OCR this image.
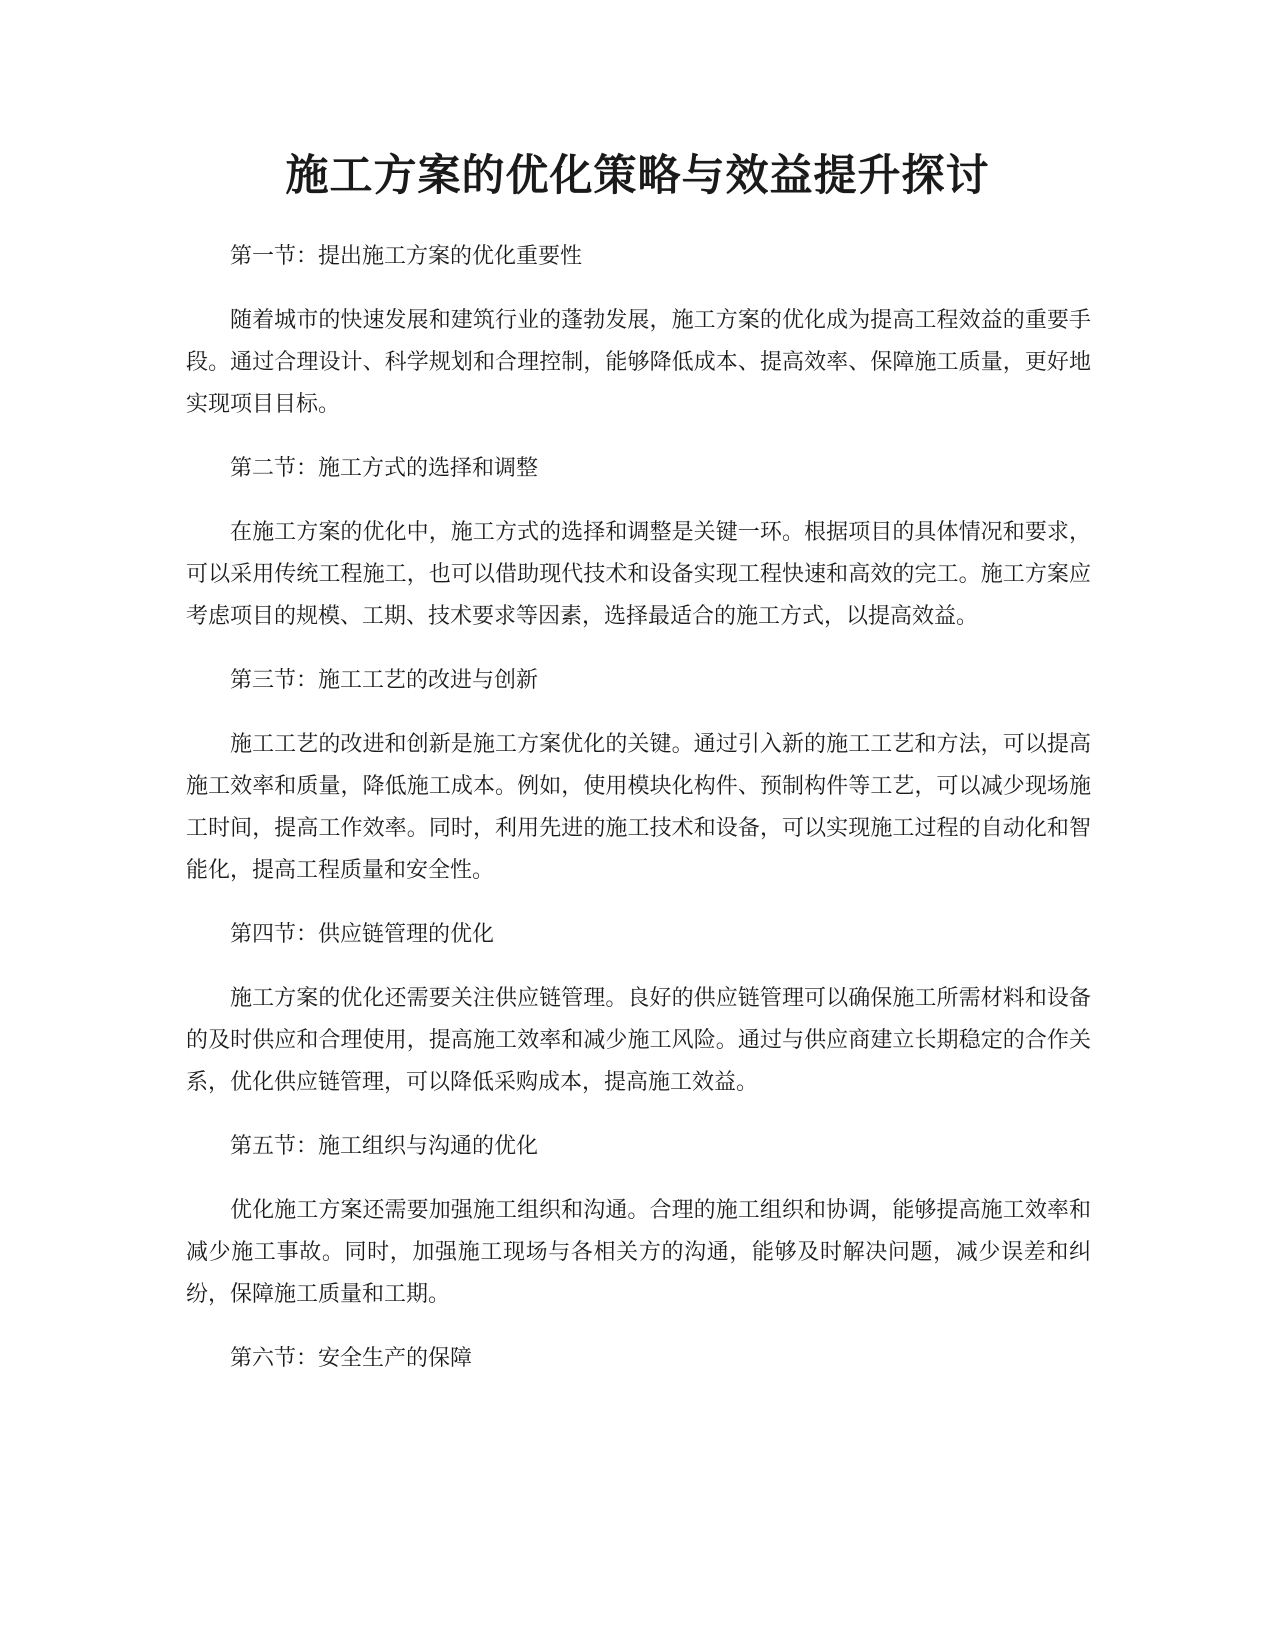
施工方案的优化策略与效益提升探讨

第一节：提出施工方案的优化重要性

随着城市的快速发展和建筑行业的蓬勃发展，施工方案的优化成为提高工程效益的重要手段。通过合理设计、科学规划和合理控制，能够降低成本、提高效率、保障施工质量，更好地实现项目目标。

第二节：施工方式的选择和调整

在施工方案的优化中，施工方式的选择和调整是关键一环。根据项目的具体情况和要求，可以采用传统工程施工，也可以借助现代技术和设备实现工程快速和高效的完工。施工方案应考虑项目的规模、工期、技术要求等因素，选择最适合的施工方式，以提高效益。

第三节：施工工艺的改进与创新

施工工艺的改进和创新是施工方案优化的关键。通过引入新的施工工艺和方法，可以提高施工效率和质量，降低施工成本。例如，使用模块化构件、预制构件等工艺，可以减少现场施工时间，提高工作效率。同时，利用先进的施工技术和设备，可以实现施工过程的自动化和智能化，提高工程质量和安全性。

第四节：供应链管理的优化

施工方案的优化还需要关注供应链管理。良好的供应链管理可以确保施工所需材料和设备的及时供应和合理使用，提高施工效率和减少施工风险。通过与供应商建立长期稳定的合作关系，优化供应链管理，可以降低采购成本，提高施工效益。

第五节：施工组织与沟通的优化

优化施工方案还需要加强施工组织和沟通。合理的施工组织和协调，能够提高施工效率和减少施工事故。同时，加强施工现场与各相关方的沟通，能够及时解决问题，减少误差和纠纷，保障施工质量和工期。

第六节：安全生产的保障
